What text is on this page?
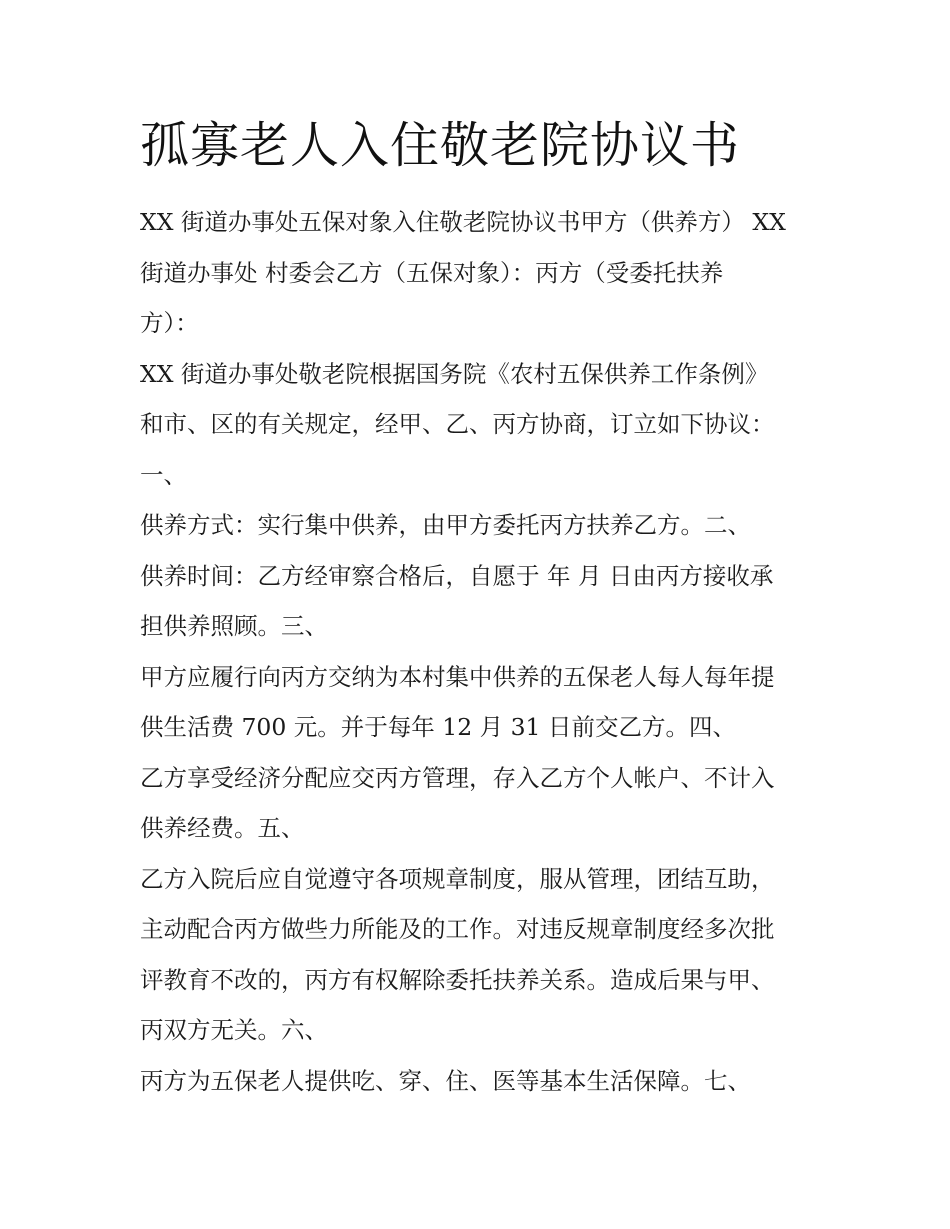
孤寡老人入住敬老院协议书
XX 街道办事处五保对象入住敬老院协议书甲方（供养方） XX
街道办事处 村委会乙方（五保对象）：丙方（受委托扶养
方）：
XX 街道办事处敬老院根据国务院《农村五保供养工作条例》
和市、区的有关规定，经甲、乙、丙方协商，订立如下协议：
一、
供养方式：实行集中供养，由甲方委托丙方扶养乙方。二、
供养时间：乙方经审察合格后，自愿于 年 月 日由丙方接收承
担供养照顾。三、
甲方应履行向丙方交纳为本村集中供养的五保老人每人每年提
供生活费 700 元。并于每年 12 月 31 日前交乙方。四、
乙方享受经济分配应交丙方管理，存入乙方个人帐户、不计入
供养经费。五、
乙方入院后应自觉遵守各项规章制度，服从管理，团结互助，
主动配合丙方做些力所能及的工作。对违反规章制度经多次批
评教育不改的，丙方有权解除委托扶养关系。造成后果与甲、
丙双方无关。六、
丙方为五保老人提供吃、穿、住、医等基本生活保障。七、
